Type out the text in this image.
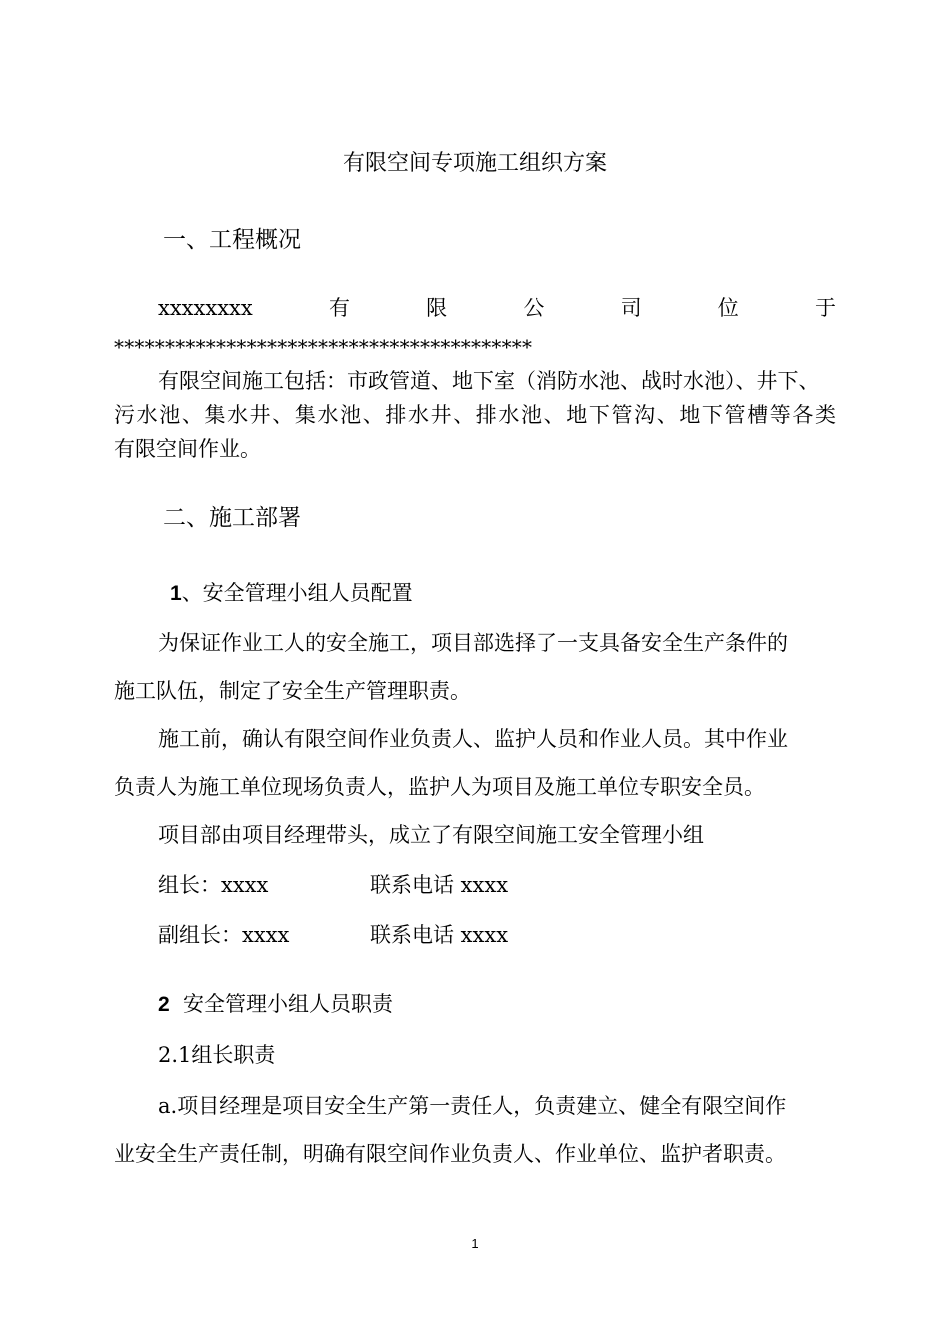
有限空间专项施工组织方案
一、工程概况
xxxxxxxx	有	限	公	司	位	于
*****************************************
有限空间施工包括：市政管道、地下室（消防水池、战时水池）、井下、
污水池、集水井、集水池、排水井、排水池、地下管沟、地下管槽等各类
有限空间作业。
二、施工部署
1、安全管理小组人员配置
为保证作业工人的安全施工，项目部选择了一支具备安全生产条件的
施工队伍，制定了安全生产管理职责。
施工前，确认有限空间作业负责人、监护人员和作业人员。其中作业
负责人为施工单位现场负责人，监护人为项目及施工单位专职安全员。
项目部由项目经理带头，成立了有限空间施工安全管理小组
组长：xxxx	联系电话 xxxx
副组长：xxxx	联系电话 xxxx
2 安全管理小组人员职责
2.1组长职责
a.项目经理是项目安全生产第一责任人，负责建立、健全有限空间作
业安全生产责任制，明确有限空间作业负责人、作业单位、监护者职责。
1
